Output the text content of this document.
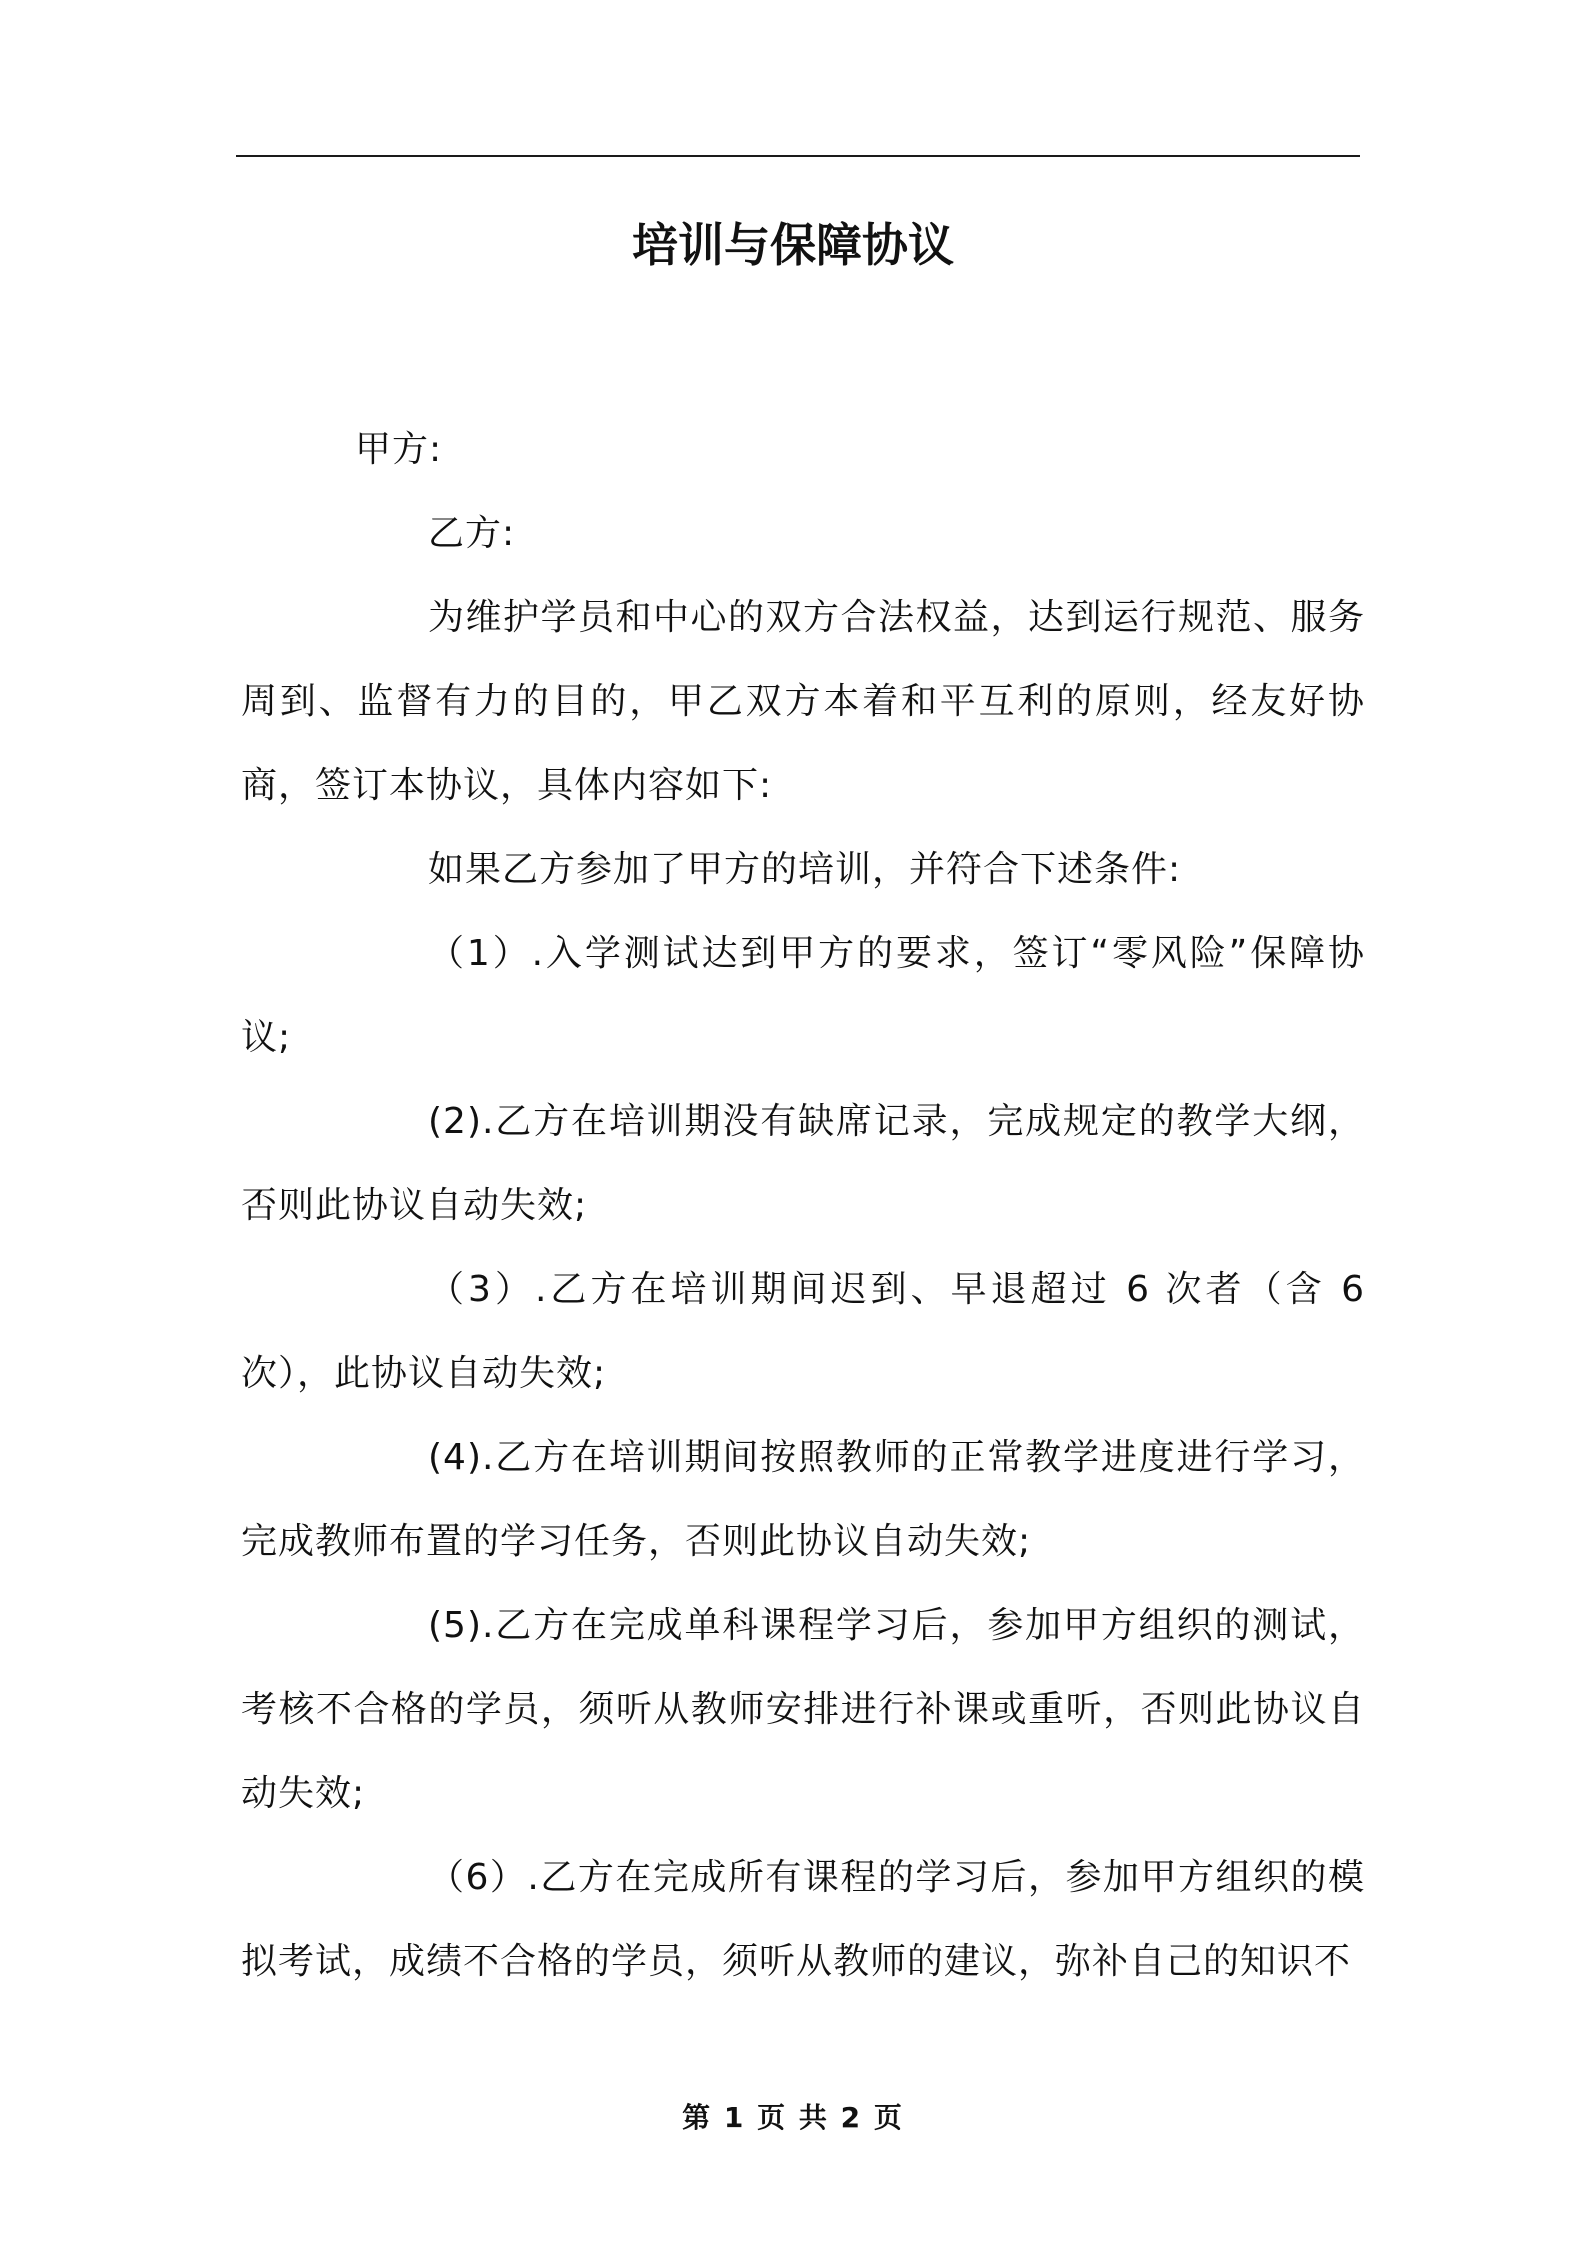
培训与保障协议

甲方:

乙方:

为维护学员和中心的双方合法权益，达到运行规范、服务周到、监督有力的目的，甲乙双方本着和平互利的原则，经友好协商，签订本协议，具体内容如下:

如果乙方参加了甲方的培训，并符合下述条件:

（1）.入学测试达到甲方的要求，签订“零风险”保障协议;

(2).乙方在培训期没有缺席记录，完成规定的教学大纲，否则此协议自动失效;

（3）.乙方在培训期间迟到、早退超过 6 次者（含 6 次），此协议自动失效;

(4).乙方在培训期间按照教师的正常教学进度进行学习，完成教师布置的学习任务，否则此协议自动失效;

(5).乙方在完成单科课程学习后，参加甲方组织的测试，考核不合格的学员，须听从教师安排进行补课或重听，否则此协议自动失效;

（6）.乙方在完成所有课程的学习后，参加甲方组织的模拟考试，成绩不合格的学员，须听从教师的建议，弥补自己的知识不

第 1 页 共 2 页
